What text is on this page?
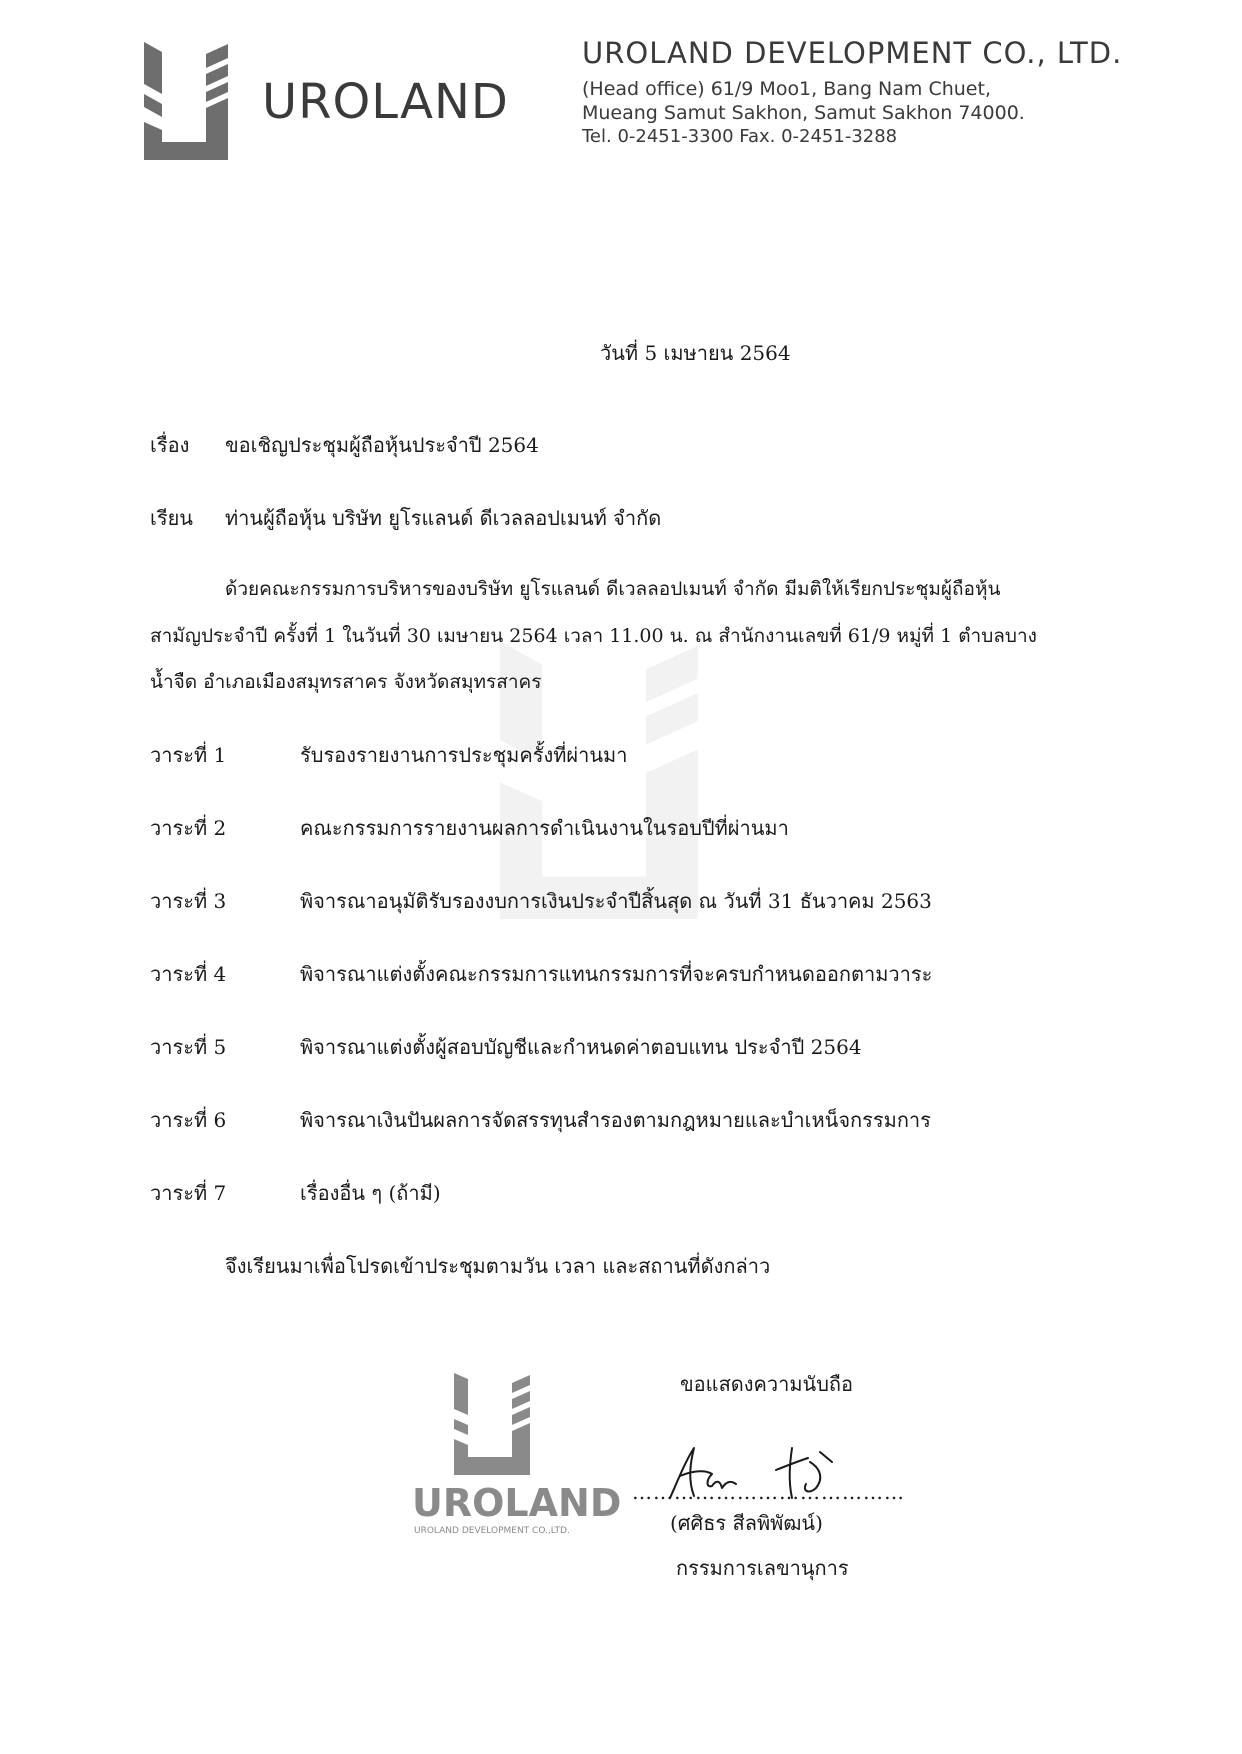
UROLAND
UROLAND DEVELOPMENT CO., LTD.
(Head office) 61/9 Moo1, Bang Nam Chuet,
Mueang Samut Sakhon, Samut Sakhon 74000.
Tel. 0-2451-3300 Fax. 0-2451-3288
วันที่ 5 เมษายน 2564
เรื่อง ขอเชิญประชุมผู้ถือหุ้นประจำปี 2564
เรียน ท่านผู้ถือหุ้น บริษัท ยูโรแลนด์ ดีเวลลอปเมนท์ จำกัด
ด้วยคณะกรรมการบริหารของบริษัท ยูโรแลนด์ ดีเวลลอปเมนท์ จำกัด มีมติให้เรียกประชุมผู้ถือหุ้น
สามัญประจำปี ครั้งที่ 1 ในวันที่ 30 เมษายน 2564 เวลา 11.00 น. ณ สำนักงานเลขที่ 61/9 หมู่ที่ 1 ตำบลบาง
น้ำจืด อำเภอเมืองสมุทรสาคร จังหวัดสมุทรสาคร
วาระที่ 1	รับรองรายงานการประชุมครั้งที่ผ่านมา
วาระที่ 2	คณะกรรมการรายงานผลการดำเนินงานในรอบปีที่ผ่านมา
วาระที่ 3	พิจารณาอนุมัติรับรองงบการเงินประจำปีสิ้นสุด ณ วันที่ 31 ธันวาคม 2563
วาระที่ 4	พิจารณาแต่งตั้งคณะกรรมการแทนกรรมการที่จะครบกำหนดออกตามวาระ
วาระที่ 5	พิจารณาแต่งตั้งผู้สอบบัญชีและกำหนดค่าตอบแทน ประจำปี 2564
วาระที่ 6	พิจารณาเงินปันผลการจัดสรรทุนสำรองตามกฎหมายและบำเหน็จกรรมการ
วาระที่ 7	เรื่องอื่น ๆ (ถ้ามี)
จึงเรียนมาเพื่อโปรดเข้าประชุมตามวัน เวลา และสถานที่ดังกล่าว
UROLAND
UROLAND DEVELOPMENT CO.,LTD.
ขอแสดงความนับถือ
…………………………………
(ศศิธร สีลพิพัฒน์)
กรรมการเลขานุการ
